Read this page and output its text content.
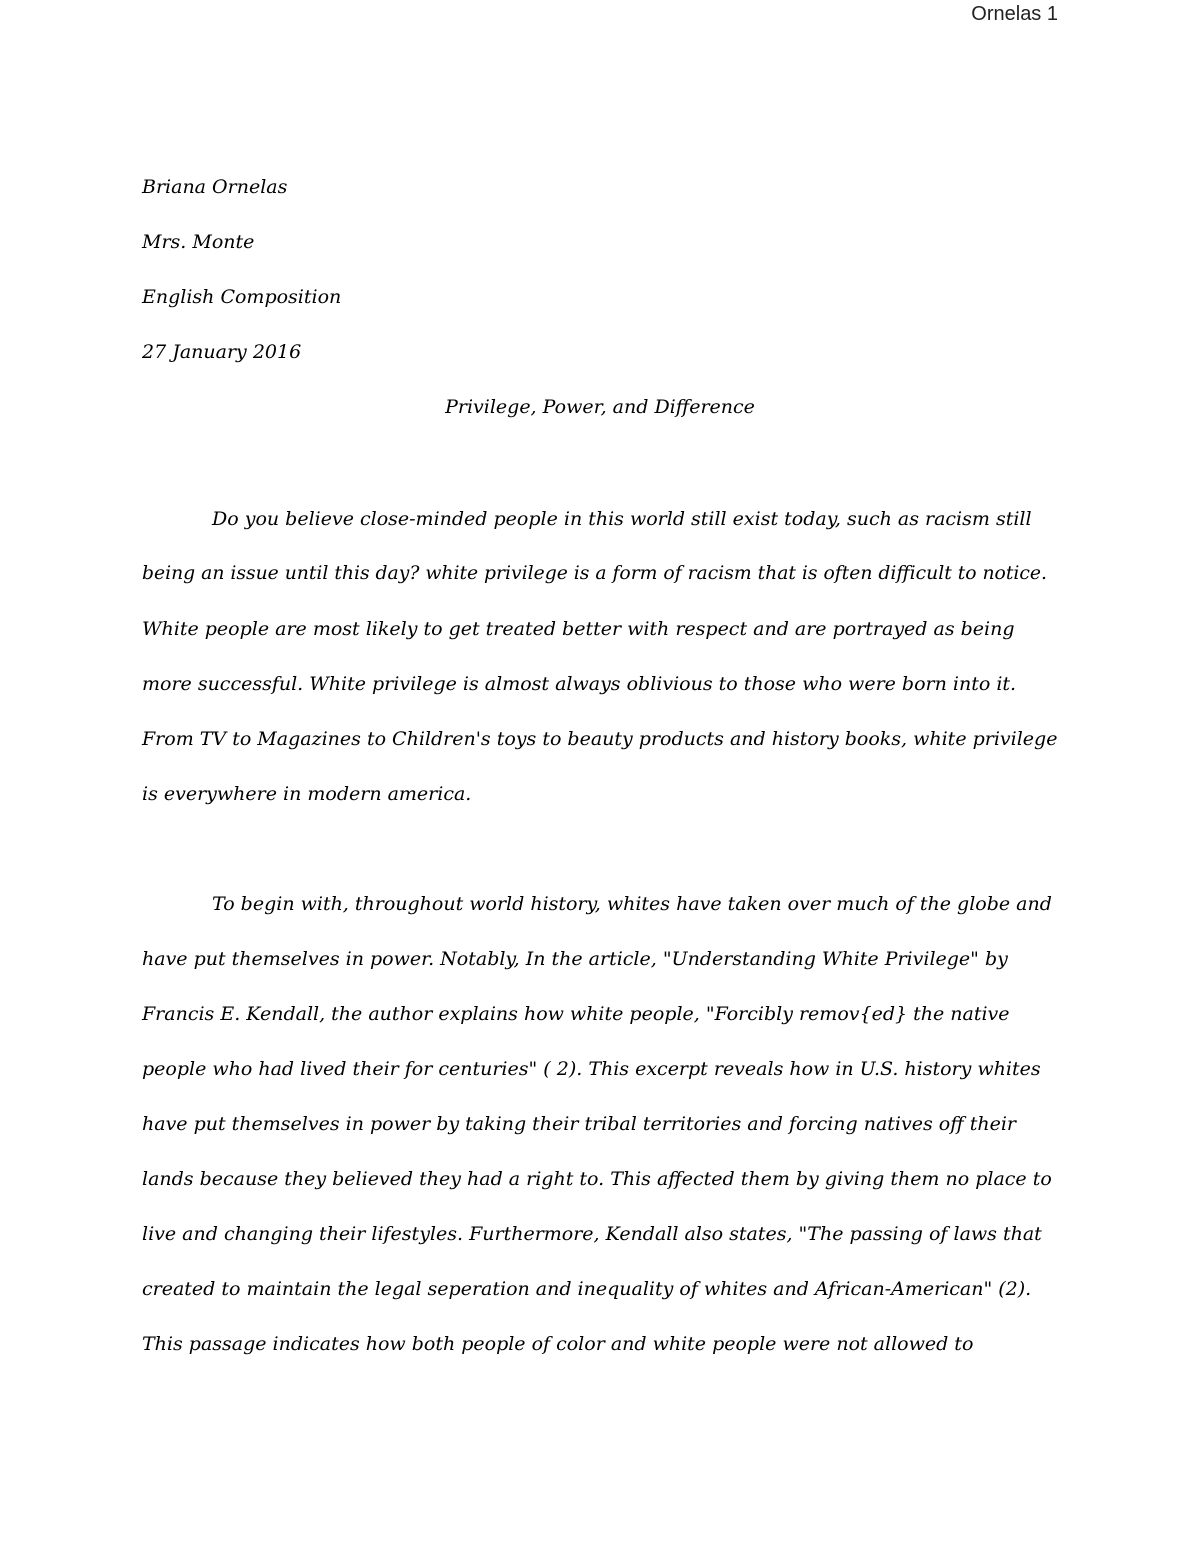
Ornelas 1
Briana Ornelas
Mrs. Monte
English Composition
27 January 2016
Privilege, Power, and Difference
Do you believe close-minded people in this world still exist today, such as racism still
being an issue until this day? white privilege is a form of racism that is often difficult to notice.
White people are most likely to get treated better with respect and are portrayed as being
more successful. White privilege is almost always oblivious to those who were born into it.
From TV to Magazines to Children's toys to beauty products and history books, white privilege
is everywhere in modern america.
To begin with, throughout world history, whites have taken over much of the globe and
have put themselves in power. Notably, In the article, "Understanding White Privilege" by
Francis E. Kendall, the author explains how white people, "Forcibly remov{ed} the native
people who had lived their for centuries" ( 2). This excerpt reveals how in U.S. history whites
have put themselves in power by taking their tribal territories and forcing natives off their
lands because they believed they had a right to. This affected them by giving them no place to
live and changing their lifestyles. Furthermore, Kendall also states, "The passing of laws that
created to maintain the legal seperation and inequality of whites and African-American" (2).
This passage indicates how both people of color and white people were not allowed to
